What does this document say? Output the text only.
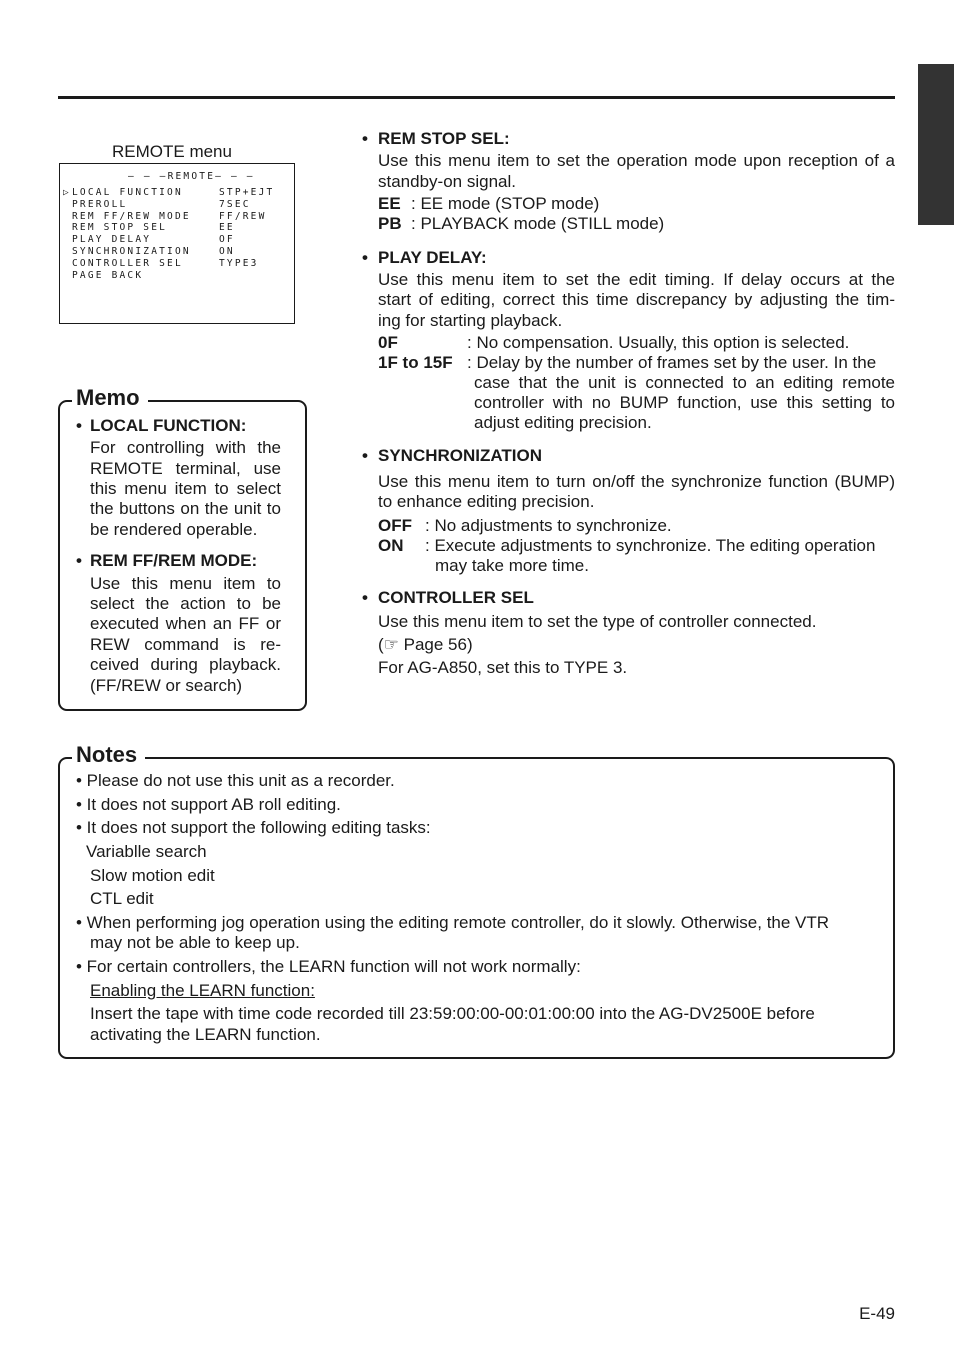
REMOTE menu
– – –REMOTE– – –
▷ LOCAL FUNCTION	STP+EJT
PREROLL	7SEC
REM FF/REW MODE	FF/REW
REM STOP SEL	EE
PLAY DELAY	OF
SYNCHRONIZATION	ON
CONTROLLER SEL	TYPE3
PAGE BACK
Memo
• LOCAL FUNCTION:
For controlling with the
REMOTE terminal, use
this menu item to select
the buttons on the unit to
be rendered operable.
• REM FF/REM MODE:
Use this menu item to
select the action to be
executed when an FF or
REW command is re-
ceived during playback.
(FF/REW or search)
• REM STOP SEL:
Use this menu item to set the operation mode upon reception of a
standby-on signal.
EE : EE mode (STOP mode)
PB : PLAYBACK mode (STILL mode)
• PLAY DELAY:
Use this menu item to set the edit timing. If delay occurs at the
start of editing, correct this time discrepancy by adjusting the tim-
ing for starting playback.
0F	: No compensation. Usually, this option is selected.
1F to 15F : Delay by the number of frames set by the user. In the
case that the unit is connected to an editing remote
controller with no BUMP function, use this setting to
adjust editing precision.
• SYNCHRONIZATION
Use this menu item to turn on/off the synchronize function (BUMP)
to enhance editing precision.
OFF : No adjustments to synchronize.
ON : Execute adjustments to synchronize. The editing operation
may take more time.
• CONTROLLER SEL
Use this menu item to set the type of controller connected.
(☞ Page 56)
For AG-A850, set this to TYPE 3.
Notes
• Please do not use this unit as a recorder.
• It does not support AB roll editing.
• It does not support the following editing tasks:
Variablle search
Slow motion edit
CTL edit
• When performing jog operation using the editing remote controller, do it slowly. Otherwise, the VTR
may not be able to keep up.
• For certain controllers, the LEARN function will not work normally:
Enabling the LEARN function:
Insert the tape with time code recorded till 23:59:00:00-00:01:00:00 into the AG-DV2500E before
activating the LEARN function.
E-49
